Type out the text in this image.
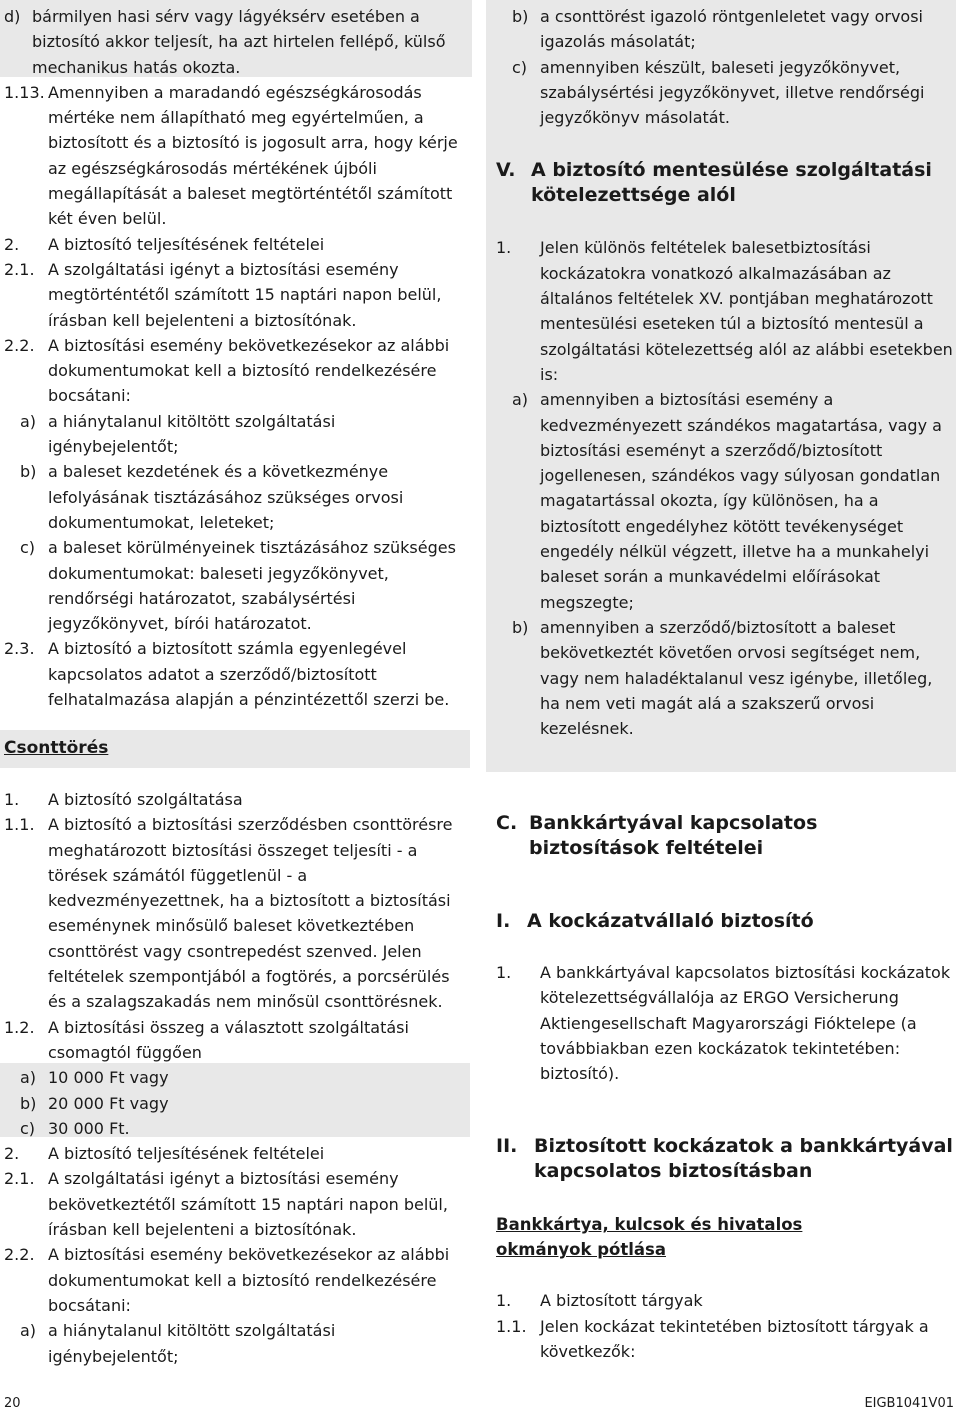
d) bármilyen hasi sérv vagy lágyéksérv esetében a biztosító akkor teljesít, ha azt hirtelen fellépő, külső mechanikus hatás okozta.
1.13. Amennyiben a maradandó egészségkárosodás mértéke nem állapítható meg egyértelműen, a biztosított és a biztosító is jogosult arra, hogy kérje az egészségkárosodás mértékének újbóli megállapítását a baleset megtörténtétől számított két éven belül.
2. A biztosító teljesítésének feltételei
2.1. A szolgáltatási igényt a biztosítási esemény megtörténtétől számított 15 naptári napon belül, írásban kell bejelenteni a biztosítónak.
2.2. A biztosítási esemény bekövetkezésekor az alábbi dokumentumokat kell a biztosító rendelkezésére bocsátani:
a) a hiánytalanul kitöltött szolgáltatási igénybejelentőt;
b) a baleset kezdetének és a következménye lefolyásának tisztázásához szükséges orvosi dokumentumokat, leleteket;
c) a baleset körülményeinek tisztázásához szükséges dokumentumokat: baleseti jegyzőkönyvet, rendőrségi határozatot, szabálysértési jegyzőkönyvet, bírói határozatot.
2.3. A biztosító a biztosított számla egyenlegével kapcsolatos adatot a szerződő/biztosított felhatalmazása alapján a pénzintézettől szerzi be.
Csonttörés
1. A biztosító szolgáltatása
1.1. A biztosító a biztosítási szerződésben csonttörésre meghatározott biztosítási összeget teljesíti - a törések számától függetlenül - a kedvezményezettnek, ha a biztosított a biztosítási eseménynek minősülő baleset következtében csonttörést vagy csontrepedést szenved. Jelen feltételek szempontjából a fogtörés, a porcsérülés és a szalagszakadás nem minősül csonttörésnek.
1.2. A biztosítási összeg a választott szolgáltatási csomagtól függően
a) 10 000 Ft vagy
b) 20 000 Ft vagy
c) 30 000 Ft.
2. A biztosító teljesítésének feltételei
2.1. A szolgáltatási igényt a biztosítási esemény bekövetkeztétől számított 15 naptári napon belül, írásban kell bejelenteni a biztosítónak.
2.2. A biztosítási esemény bekövetkezésekor az alábbi dokumentumokat kell a biztosító rendelkezésére bocsátani:
a) a hiánytalanul kitöltött szolgáltatási igénybejelentőt;
b) a csonttörést igazoló röntgenleletet vagy orvosi igazolás másolatát;
c) amennyiben készült, baleseti jegyzőkönyvet, szabálysértési jegyzőkönyvet, illetve rendőrségi jegyzőkönyv másolatát.
V. A biztosító mentesülése szolgáltatási kötelezettsége alól
1. Jelen különös feltételek balesetbiztosítási kockázatokra vonatkozó alkalmazásában az általános feltételek XV. pontjában meghatározott mentesülési eseteken túl a biztosító mentesül a szolgáltatási kötelezettség alól az alábbi esetekben is:
a) amennyiben a biztosítási esemény a kedvezményezett szándékos magatartása, vagy a biztosítási eseményt a szerződő/biztosított jogellenesen, szándékos vagy súlyosan gondatlan magatartással okozta, így különösen, ha a biztosított engedélyhez kötött tevékenységet engedély nélkül végzett, illetve ha a munkahelyi baleset során a munkavédelmi előírásokat megszegte;
b) amennyiben a szerződő/biztosított a baleset bekövetkeztét követően orvosi segítséget nem, vagy nem haladéktalanul vesz igénybe, illetőleg, ha nem veti magát alá a szakszerű orvosi kezelésnek.
C. Bankkártyával kapcsolatos biztosítások feltételei
I. A kockázatvállaló biztosító
1. A bankkártyával kapcsolatos biztosítási kockázatok kötelezettségvállalója az ERGO Versicherung Aktiengesellschaft Magyarországi Fióktelepe (a továbbiakban ezen kockázatok tekintetében: biztosító).
II. Biztosított kockázatok a bankkártyával kapcsolatos biztosításban
Bankkártya, kulcsok és hivatalos okmányok pótlása
1. A biztosított tárgyak
1.1. Jelen kockázat tekintetében biztosított tárgyak a következők:
20	EIGB1041V01
